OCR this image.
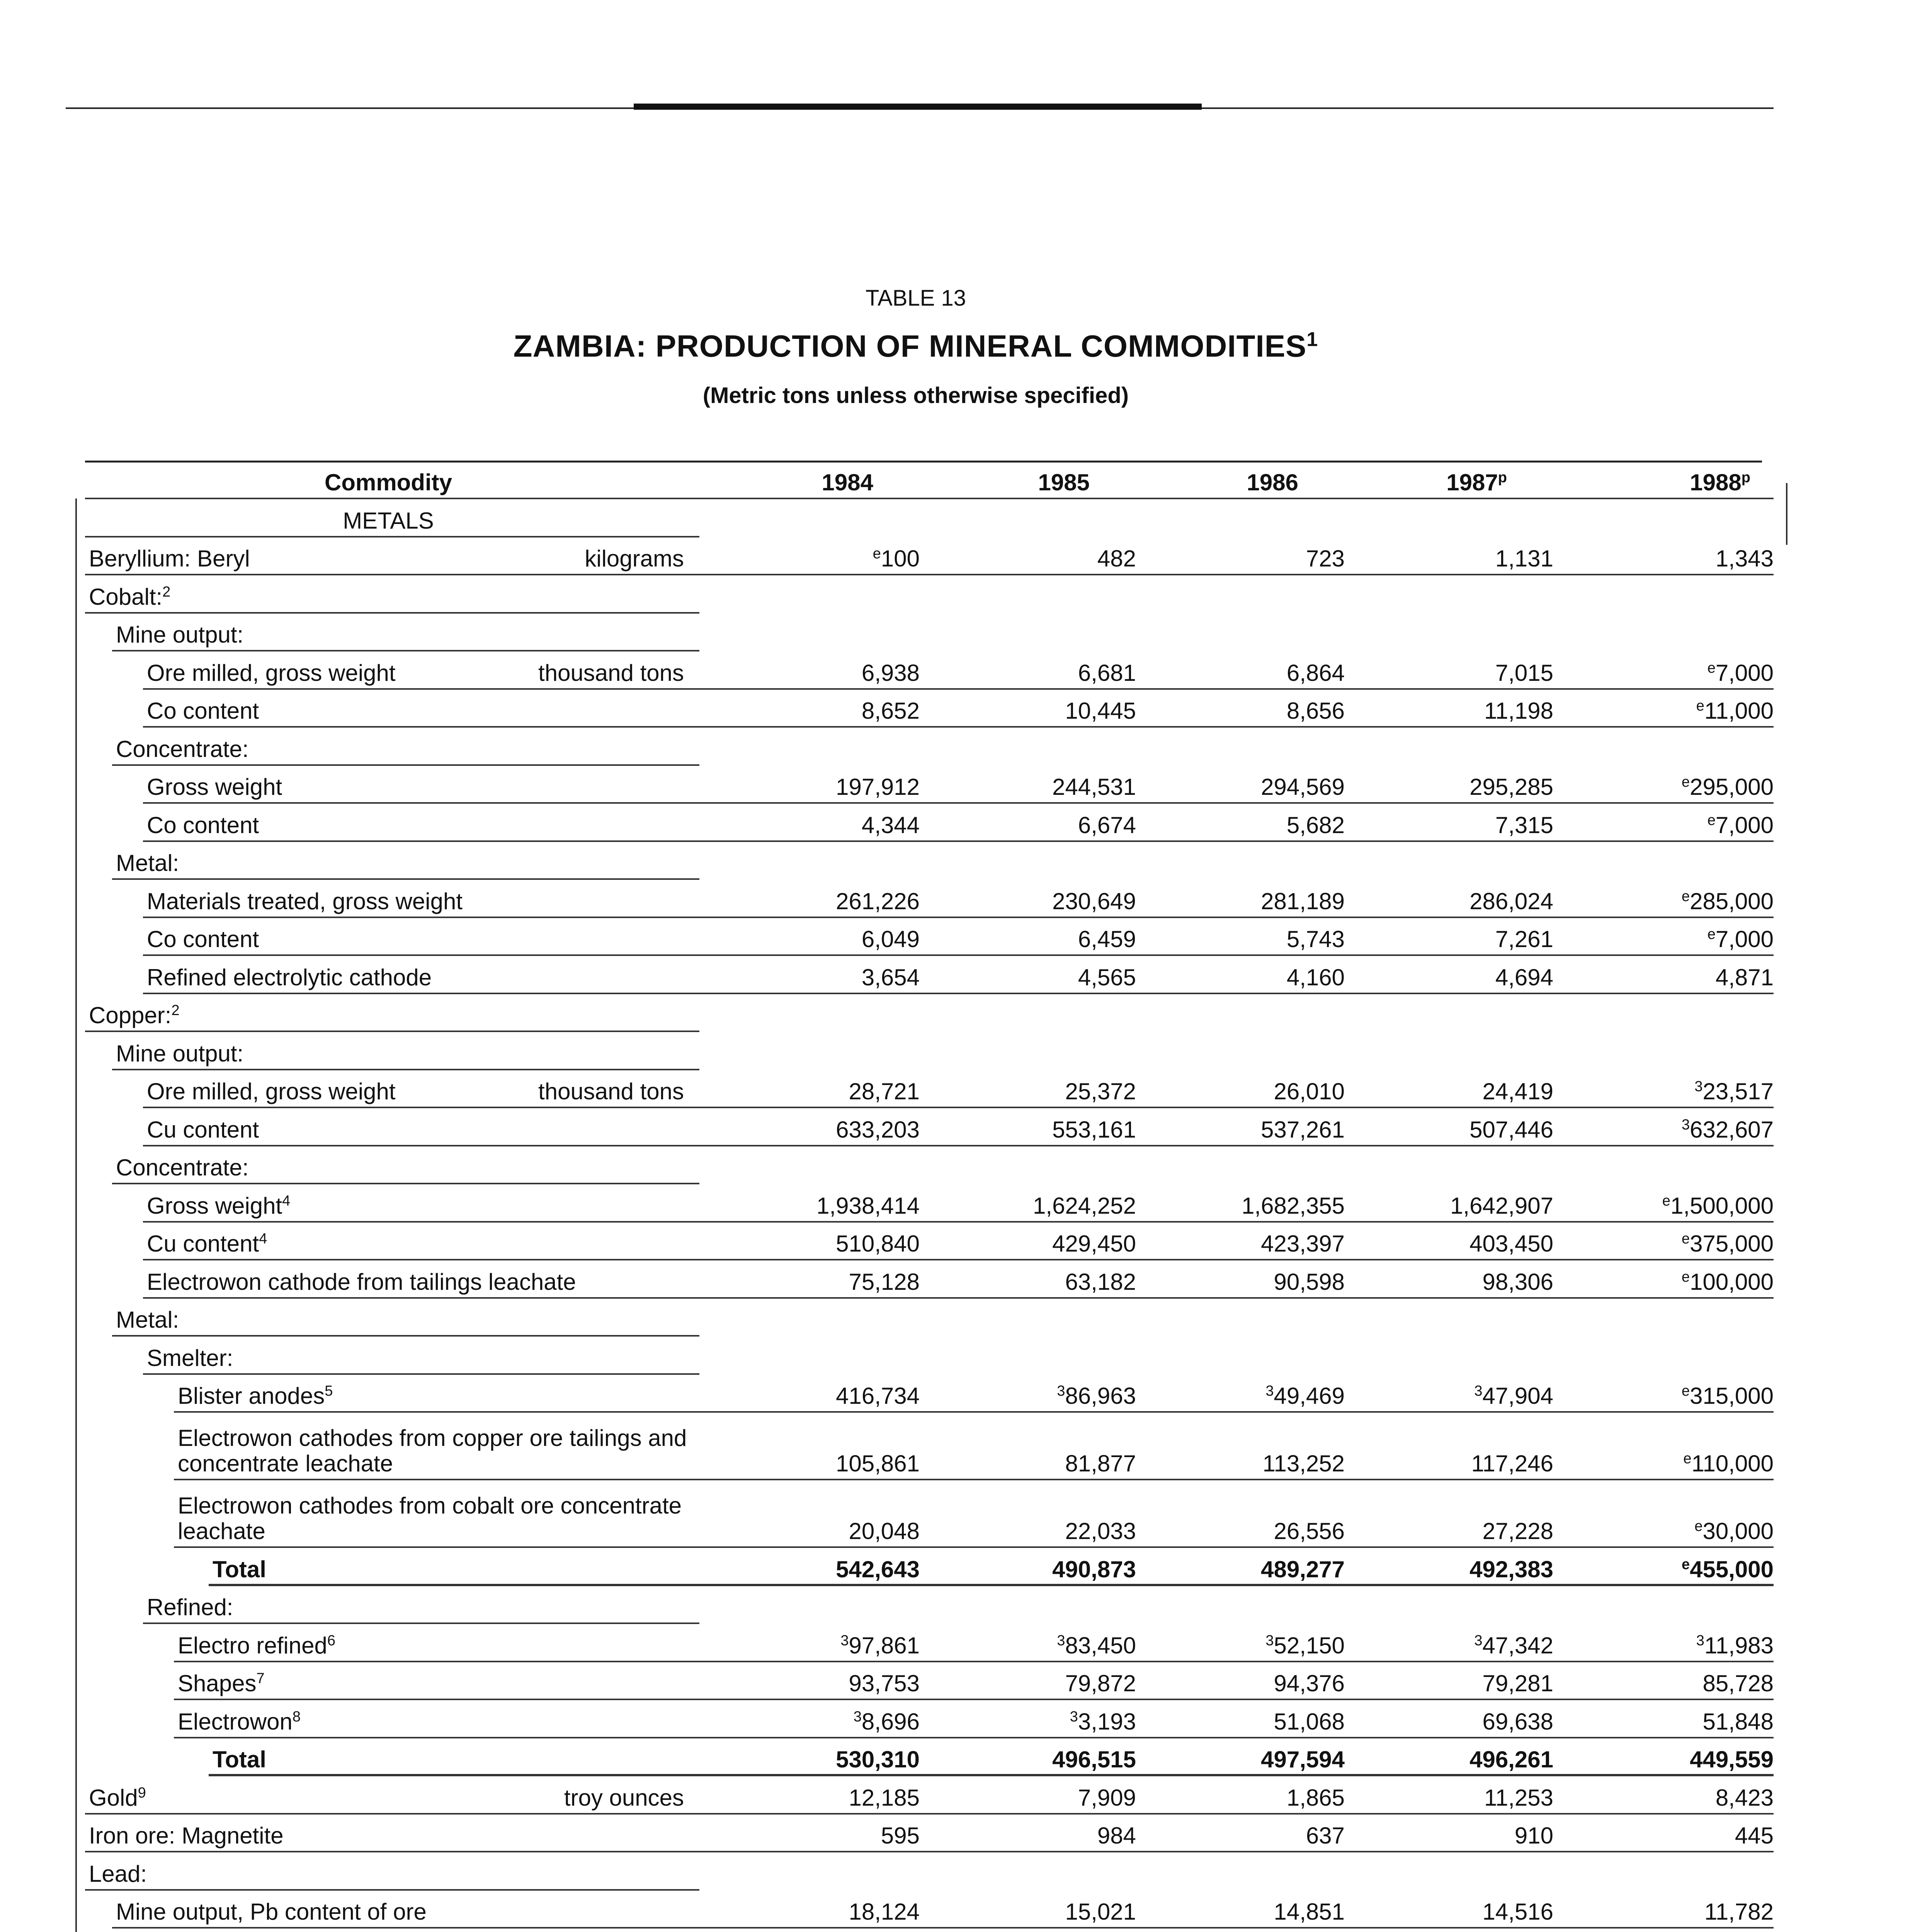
TABLE 13
ZAMBIA: PRODUCTION OF MINERAL COMMODITIES$^1$
(Metric tons unless otherwise specified)
Commodity	1984	1985	1986	1987$^p$	1988$^p$
METALS
Beryllium: Beryl	kilograms	$^e$100	482	723	1,131	1,343
Cobalt:$^2$
Mine output:
Ore milled, gross weight	thousand tons	6,938	6,681	6,864	7,015	$^e$7,000
Co content	8,652	10,445	8,656	11,198	$^e$11,000
Concentrate:
Gross weight	197,912	244,531	294,569	295,285	$^e$295,000
Co content	4,344	6,674	5,682	7,315	$^e$7,000
Metal:
Materials treated, gross weight	261,226	230,649	281,189	286,024	$^e$285,000
Co content	6,049	6,459	5,743	7,261	$^e$7,000
Refined electrolytic cathode	3,654	4,565	4,160	4,694	4,871
Copper:$^2$
Mine output:
Ore milled, gross weight	thousand tons	28,721	25,372	26,010	24,419	$^3$23,517
Cu content	633,203	553,161	537,261	507,446	$^3$632,607
Concentrate:
Gross weight$^4$	1,938,414	1,624,252	1,682,355	1,642,907	$^e$1,500,000
Cu content$^4$	510,840	429,450	423,397	403,450	$^e$375,000
Electrowon cathode from tailings leachate	75,128	63,182	90,598	98,306	$^e$100,000
Metal:
Smelter:
Blister anodes$^5$	416,734	$^3$86,963	$^3$49,469	$^3$47,904	$^e$315,000
Electrowon cathodes from copper ore tailings and concentrate leachate	105,861	81,877	113,252	117,246	$^e$110,000
Electrowon cathodes from cobalt ore concentrate leachate	20,048	22,033	26,556	27,228	$^e$30,000
Total	542,643	490,873	489,277	492,383	$^e$455,000
Refined:
Electro refined$^6$	$^3$97,861	$^3$83,450	$^3$52,150	$^3$47,342	$^3$11,983
Shapes$^7$	93,753	79,872	94,376	79,281	85,728
Electrowon$^8$	$^3$8,696	$^3$3,193	51,068	69,638	51,848
Total	530,310	496,515	497,594	496,261	449,559
Gold$^9$	troy ounces	12,185	7,909	1,865	11,253	8,423
Iron ore: Magnetite	595	984	637	910	445
Lead:
Mine output, Pb content of ore	18,124	15,021	14,851	14,516	11,782
